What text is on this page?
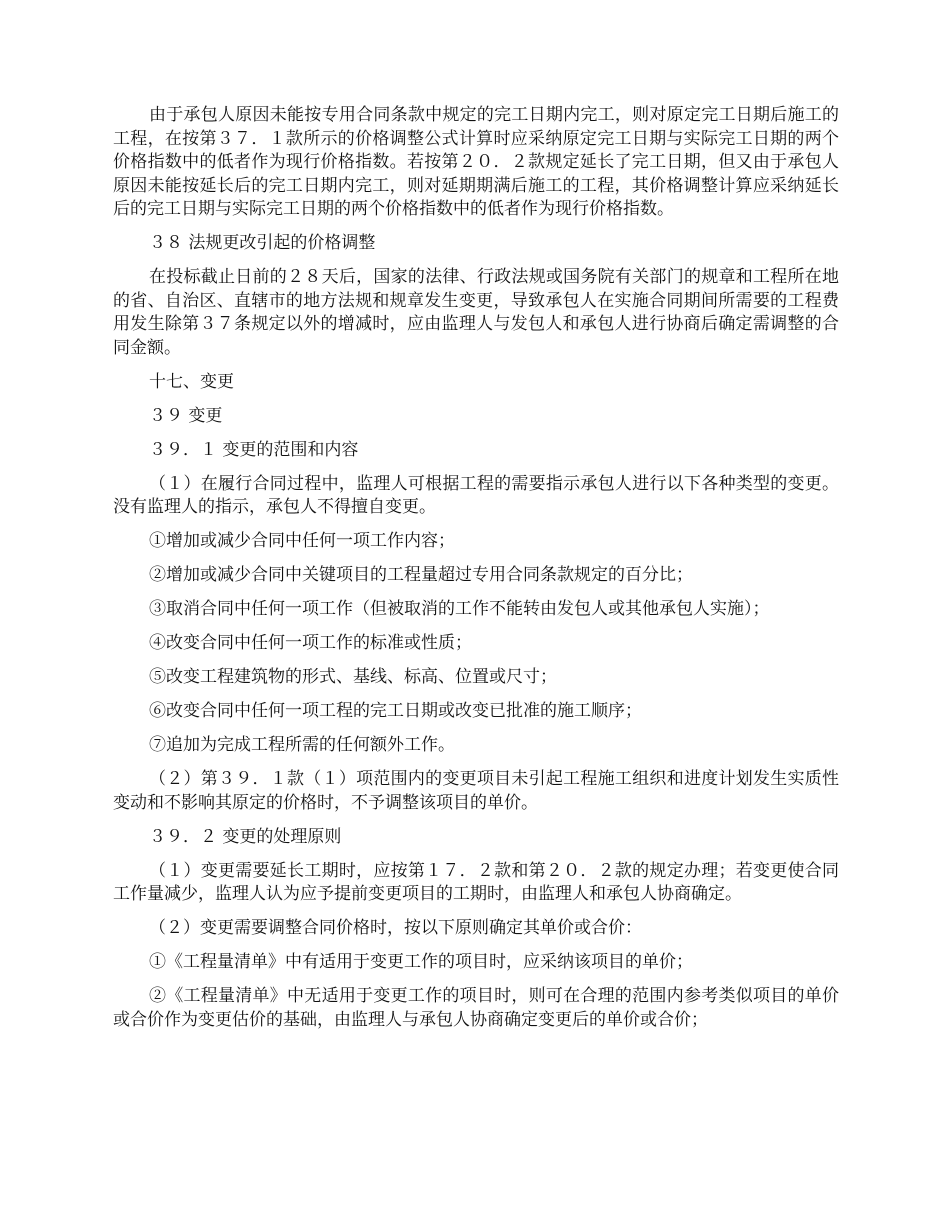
由于承包人原因未能按专用合同条款中规定的完工日期内完工，则对原定完工日期后施工的工程，在按第３７．１款所示的价格调整公式计算时应采纳原定完工日期与实际完工日期的两个价格指数中的低者作为现行价格指数。若按第２０．２款规定延长了完工日期，但又由于承包人原因未能按延长后的完工日期内完工，则对延期期满后施工的工程，其价格调整计算应采纳延长后的完工日期与实际完工日期的两个价格指数中的低者作为现行价格指数。

３８ 法规更改引起的价格调整

在投标截止日前的２８天后，国家的法律、行政法规或国务院有关部门的规章和工程所在地的省、自治区、直辖市的地方法规和规章发生变更，导致承包人在实施合同期间所需要的工程费用发生除第３７条规定以外的增减时，应由监理人与发包人和承包人进行协商后确定需调整的合同金额。

十七、变更

３９ 变更

３９．１ 变更的范围和内容

（１）在履行合同过程中，监理人可根据工程的需要指示承包人进行以下各种类型的变更。没有监理人的指示，承包人不得擅自变更。

①增加或减少合同中任何一项工作内容；

②增加或减少合同中关键项目的工程量超过专用合同条款规定的百分比；

③取消合同中任何一项工作（但被取消的工作不能转由发包人或其他承包人实施）；

④改变合同中任何一项工作的标准或性质；

⑤改变工程建筑物的形式、基线、标高、位置或尺寸；

⑥改变合同中任何一项工程的完工日期或改变已批准的施工顺序；

⑦追加为完成工程所需的任何额外工作。

（２）第３９．１款（１）项范围内的变更项目未引起工程施工组织和进度计划发生实质性变动和不影响其原定的价格时，不予调整该项目的单价。

３９．２ 变更的处理原则

（１）变更需要延长工期时，应按第１７．２款和第２０．２款的规定办理；若变更使合同工作量减少，监理人认为应予提前变更项目的工期时，由监理人和承包人协商确定。

（２）变更需要调整合同价格时，按以下原则确定其单价或合价：

①《工程量清单》中有适用于变更工作的项目时，应采纳该项目的单价；

②《工程量清单》中无适用于变更工作的项目时，则可在合理的范围内参考类似项目的单价或合价作为变更估价的基础，由监理人与承包人协商确定变更后的单价或合价；
